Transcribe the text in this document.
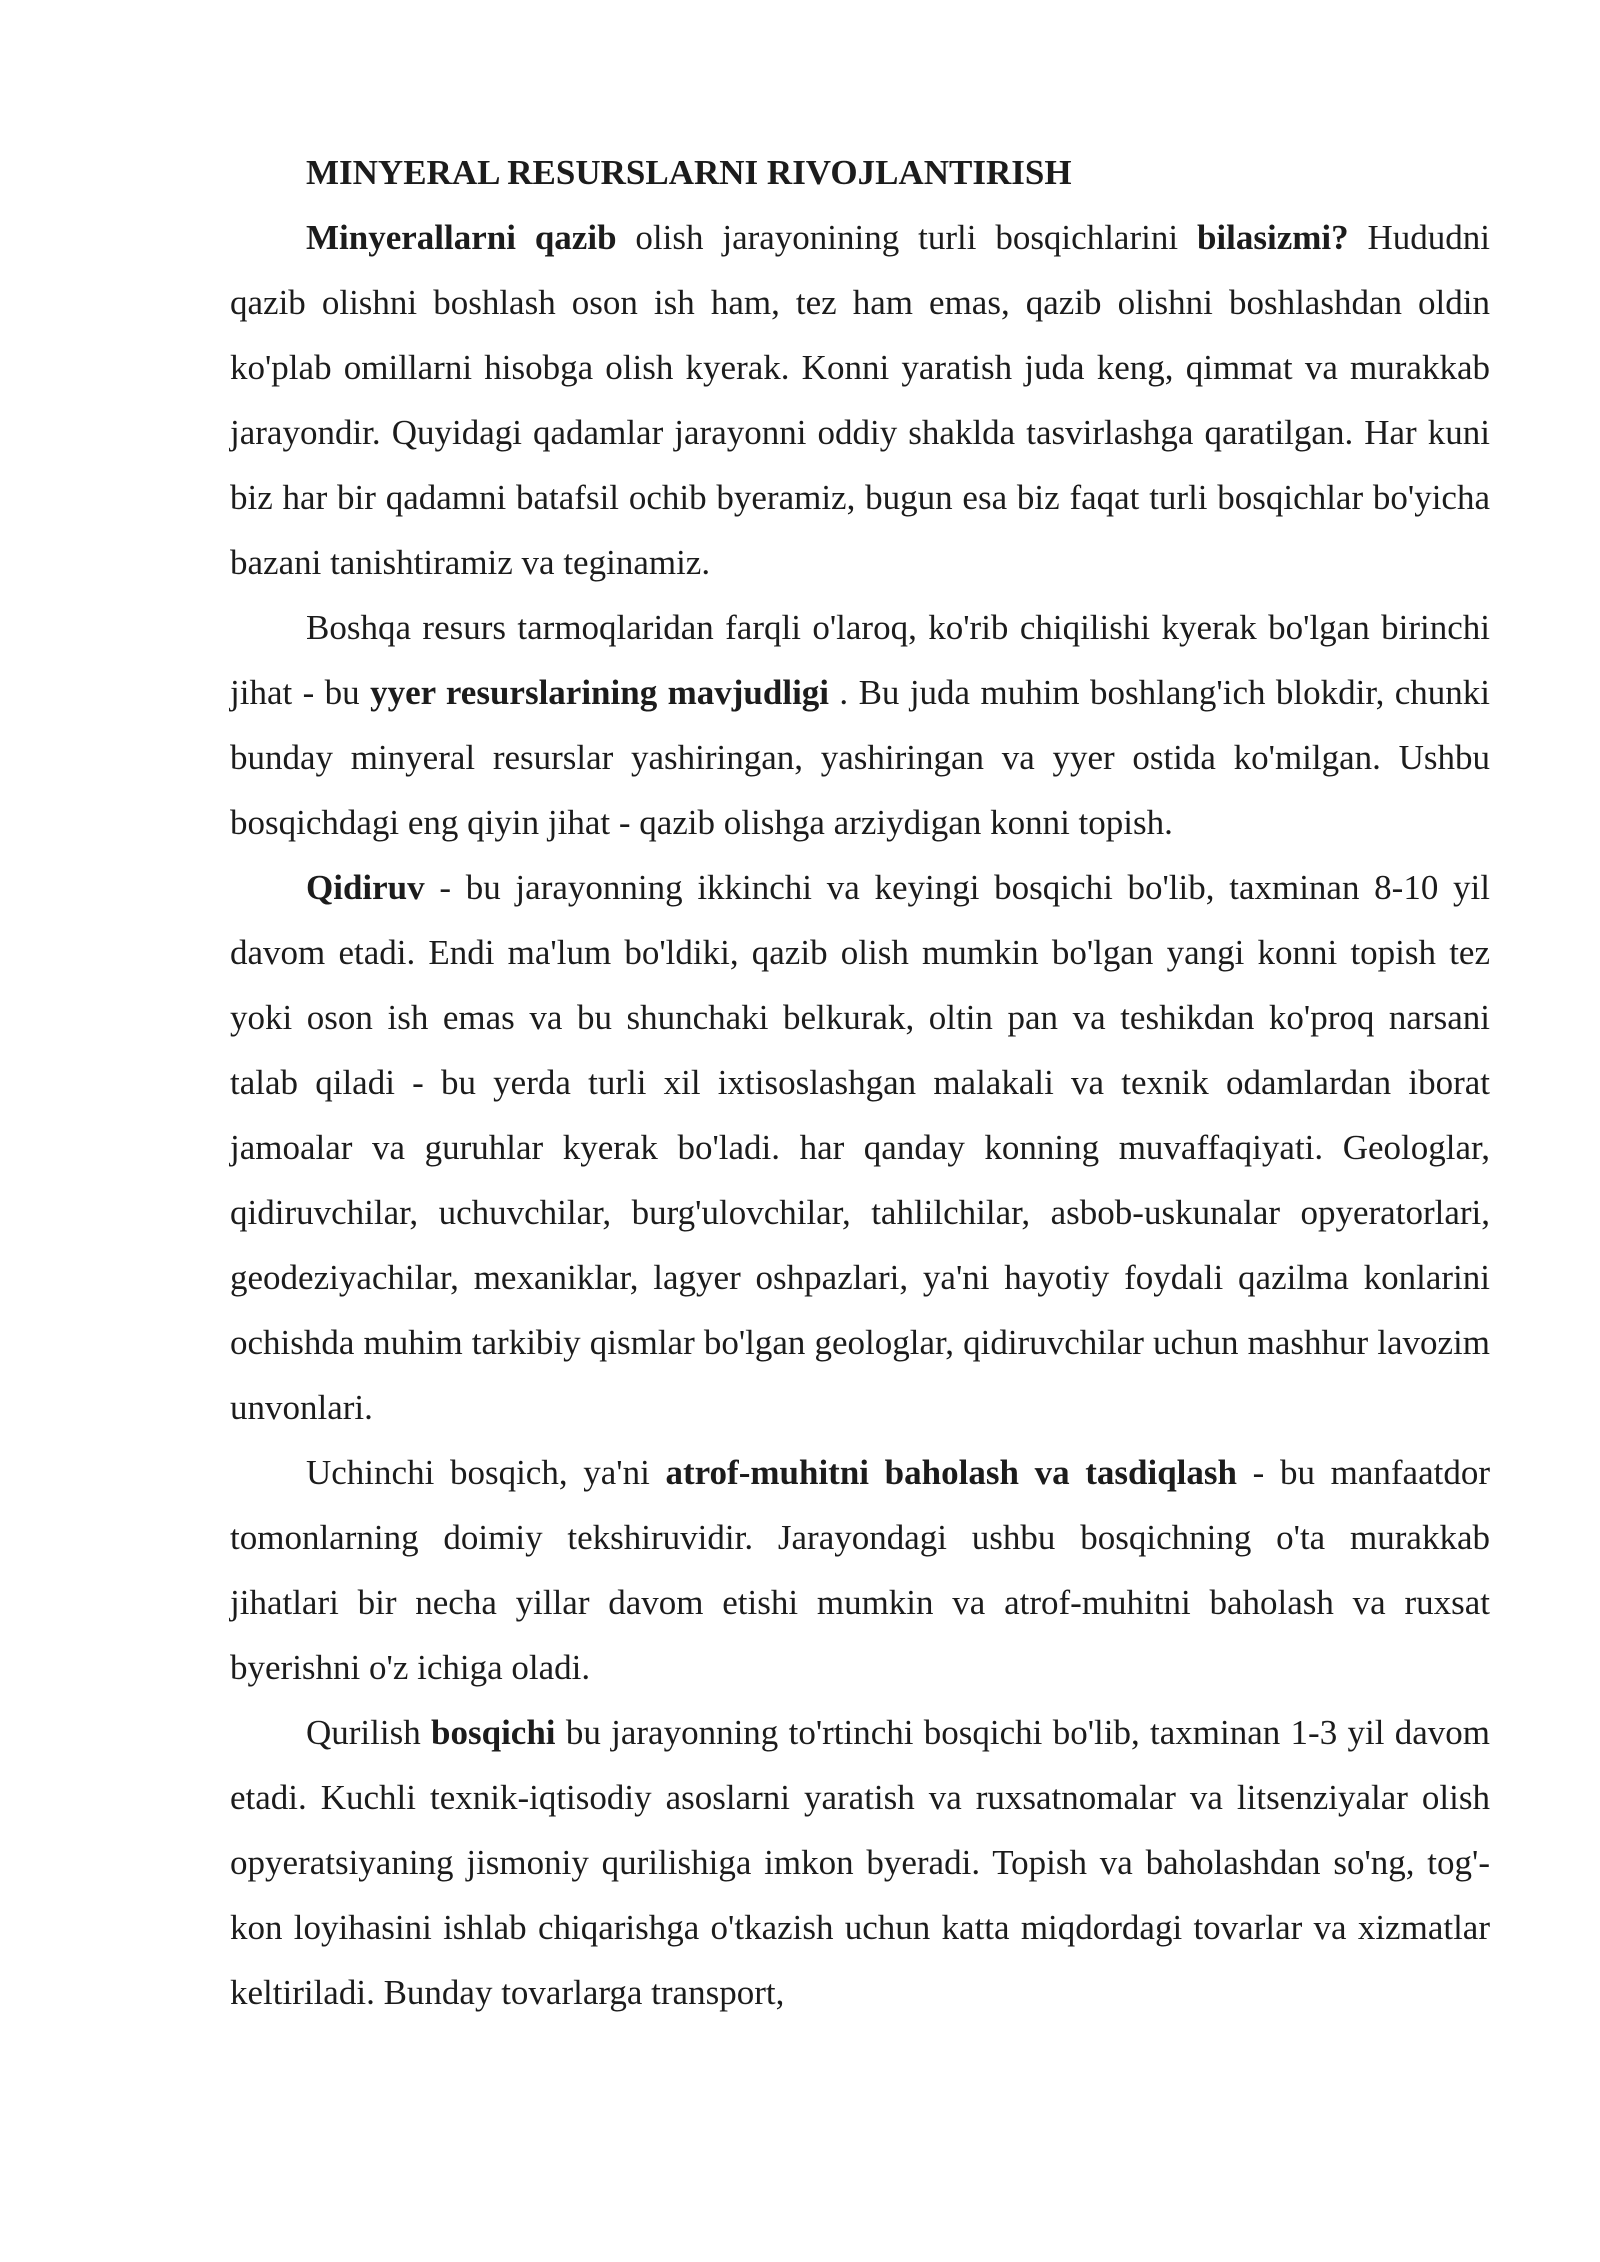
MINYERAL RESURSLARNI RIVOJLANTIRISH

Minyerallarni qazib olish jarayonining turli bosqichlarini bilasizmi? Hududni qazib olishni boshlash oson ish ham, tez ham emas, qazib olishni boshlashdan oldin ko'plab omillarni hisobga olish kyerak. Konni yaratish juda keng, qimmat va murakkab jarayondir. Quyidagi qadamlar jarayonni oddiy shaklda tasvirlashga qaratilgan. Har kuni biz har bir qadamni batafsil ochib byeramiz, bugun esa biz faqat turli bosqichlar bo'yicha bazani tanishtiramiz va teginamiz.

Boshqa resurs tarmoqlaridan farqli o'laroq, ko'rib chiqilishi kyerak bo'lgan birinchi jihat - bu yyer resurslarining mavjudligi . Bu juda muhim boshlang'ich blokdir, chunki bunday minyeral resurslar yashiringan, yashiringan va yyer ostida ko'milgan. Ushbu bosqichdagi eng qiyin jihat - qazib olishga arziydigan konni topish.

Qidiruv - bu jarayonning ikkinchi va keyingi bosqichi bo'lib, taxminan 8-10 yil davom etadi. Endi ma'lum bo'ldiki, qazib olish mumkin bo'lgan yangi konni topish tez yoki oson ish emas va bu shunchaki belkurak, oltin pan va teshikdan ko'proq narsani talab qiladi - bu yerda turli xil ixtisoslashgan malakali va texnik odamlardan iborat jamoalar va guruhlar kyerak bo'ladi. har qanday konning muvaffaqiyati. Geologlar, qidiruvchilar, uchuvchilar, burg'ulovchilar, tahlilchilar, asbob-uskunalar opyeratorlari, geodeziyachilar, mexaniklar, lagyer oshpazlari, ya'ni hayotiy foydali qazilma konlarini ochishda muhim tarkibiy qismlar bo'lgan geologlar, qidiruvchilar uchun mashhur lavozim unvonlari.

Uchinchi bosqich, ya'ni atrof-muhitni baholash va tasdiqlash - bu manfaatdor tomonlarning doimiy tekshiruvidir. Jarayondagi ushbu bosqichning o'ta murakkab jihatlari bir necha yillar davom etishi mumkin va atrof-muhitni baholash va ruxsat byerishni o'z ichiga oladi.

Qurilish bosqichi bu jarayonning to'rtinchi bosqichi bo'lib, taxminan 1-3 yil davom etadi. Kuchli texnik-iqtisodiy asoslarni yaratish va ruxsatnomalar va litsenziyalar olish opyeratsiyaning jismoniy qurilishiga imkon byeradi. Topish va baholashdan so'ng, tog'-kon loyihasini ishlab chiqarishga o'tkazish uchun katta miqdordagi tovarlar va xizmatlar keltiriladi. Bunday tovarlarga transport,
